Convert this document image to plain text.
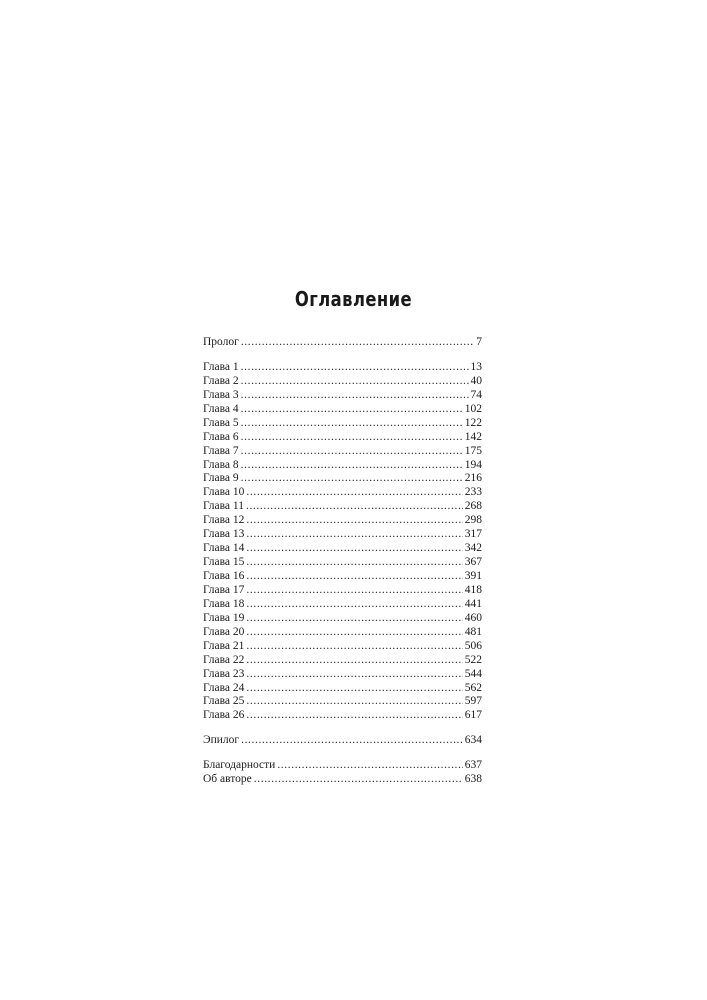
Оглавление
Пролог .....	7
Глава 1 .....	13
Глава 2 .....	40
Глава 3 .....	74
Глава 4 .....	102
Глава 5 .....	122
Глава 6 .....	142
Глава 7 .....	175
Глава 8 .....	194
Глава 9 .....	216
Глава 10 .....	233
Глава 11 .....	268
Глава 12 .....	298
Глава 13 .....	317
Глава 14 .....	342
Глава 15 .....	367
Глава 16 .....	391
Глава 17 .....	418
Глава 18 .....	441
Глава 19 .....	460
Глава 20 .....	481
Глава 21 .....	506
Глава 22 .....	522
Глава 23 .....	544
Глава 24 .....	562
Глава 25 .....	597
Глава 26 .....	617
Эпилог .....	634
Благодарности .....	637
Об авторе .....	638
